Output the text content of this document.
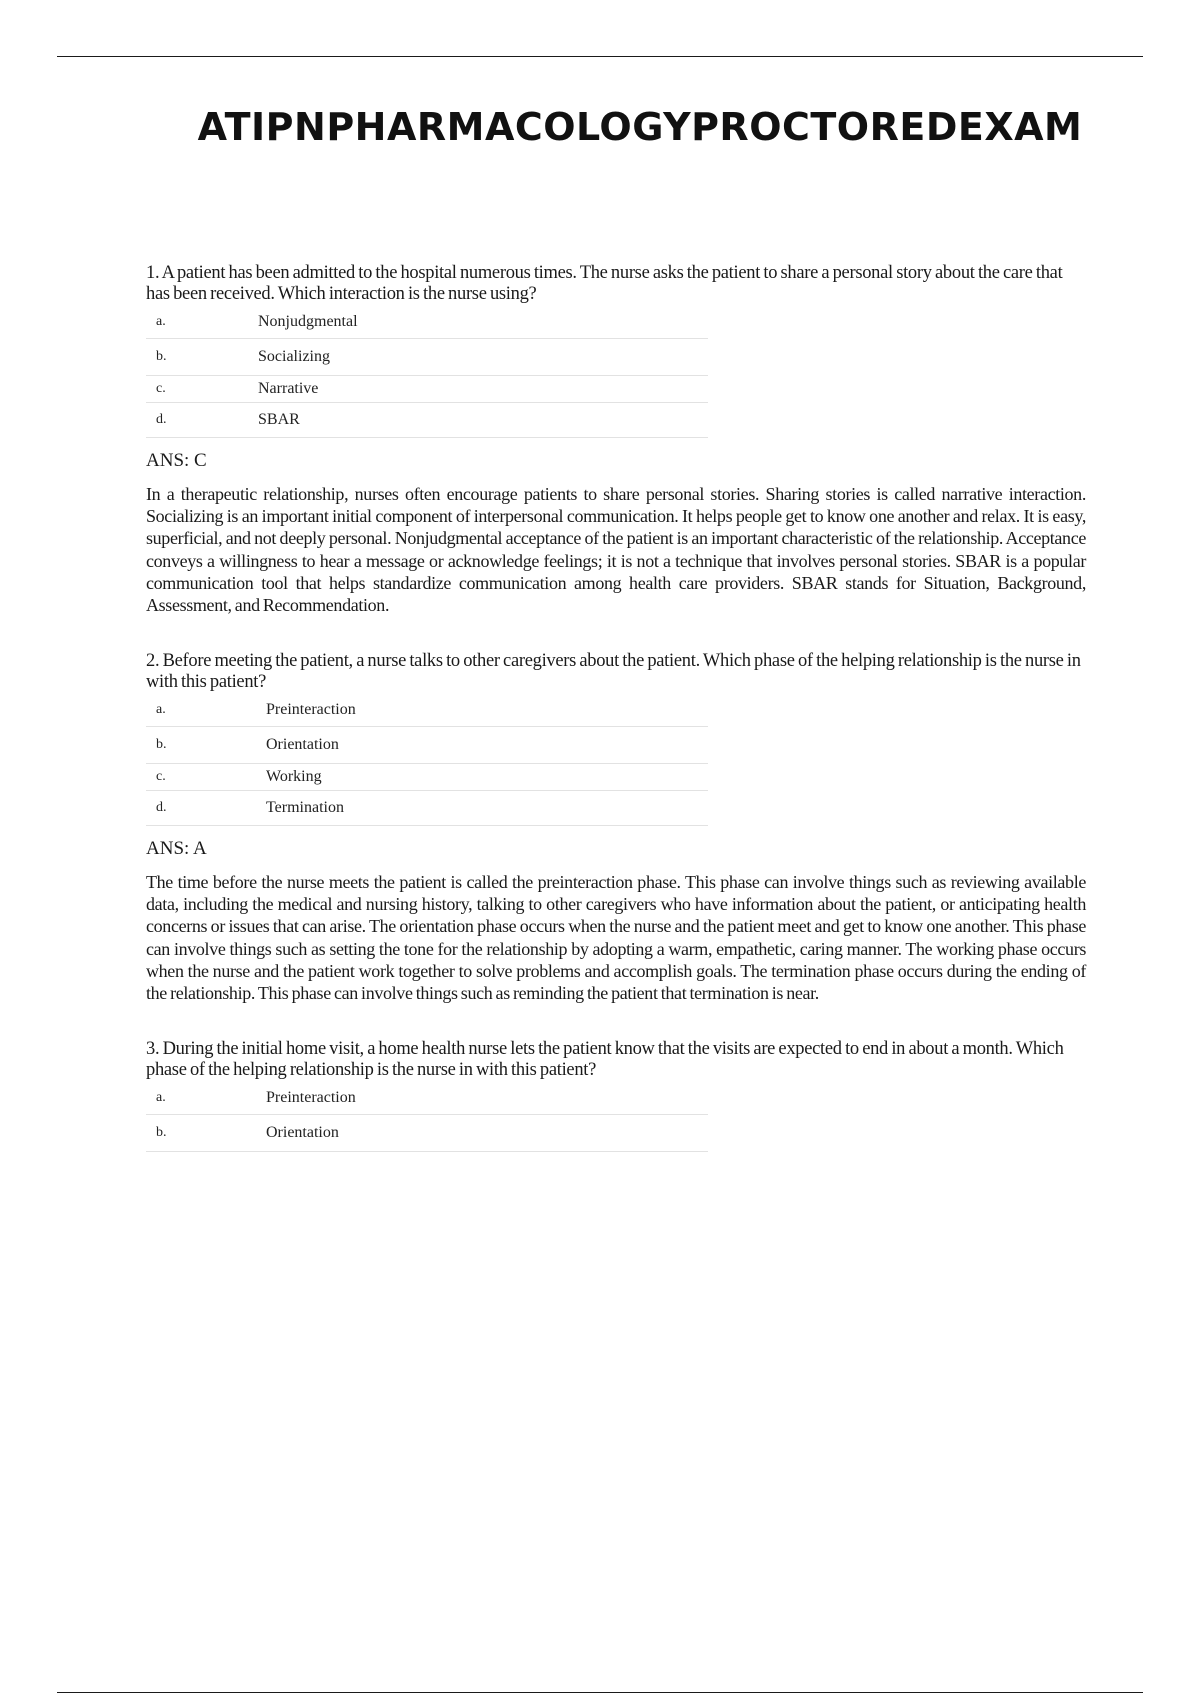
ATIPNPHARMACOLOGYPROCTOREDEXAM
1. A patient has been admitted to the hospital numerous times. The nurse asks the patient to share a personal story about the care that has been received. Which interaction is the nurse using?
a.	Nonjudgmental
b.	Socializing
c.	Narrative
d.	SBAR
ANS: C
In a therapeutic relationship, nurses often encourage patients to share personal stories. Sharing stories is called narrative interaction. Socializing is an important initial component of interpersonal communication. It helps people get to know one another and relax. It is easy, superficial, and not deeply personal. Nonjudgmental acceptance of the patient is an important characteristic of the relationship. Acceptance conveys a willingness to hear a message or acknowledge feelings; it is not a technique that involves personal stories. SBAR is a popular communication tool that helps standardize communication among health care providers. SBAR stands for Situation, Background, Assessment, and Recommendation.
2. Before meeting the patient, a nurse talks to other caregivers about the patient. Which phase of the helping relationship is the nurse in with this patient?
a.	Preinteraction
b.	Orientation
c.	Working
d.	Termination
ANS: A
The time before the nurse meets the patient is called the preinteraction phase. This phase can involve things such as reviewing available data, including the medical and nursing history, talking to other caregivers who have information about the patient, or anticipating health concerns or issues that can arise. The orientation phase occurs when the nurse and the patient meet and get to know one another. This phase can involve things such as setting the tone for the relationship by adopting a warm, empathetic, caring manner. The working phase occurs when the nurse and the patient work together to solve problems and accomplish goals. The termination phase occurs during the ending of the relationship. This phase can involve things such as reminding the patient that termination is near.
3. During the initial home visit, a home health nurse lets the patient know that the visits are expected to end in about a month. Which phase of the helping relationship is the nurse in with this patient?
a.	Preinteraction
b.	Orientation
